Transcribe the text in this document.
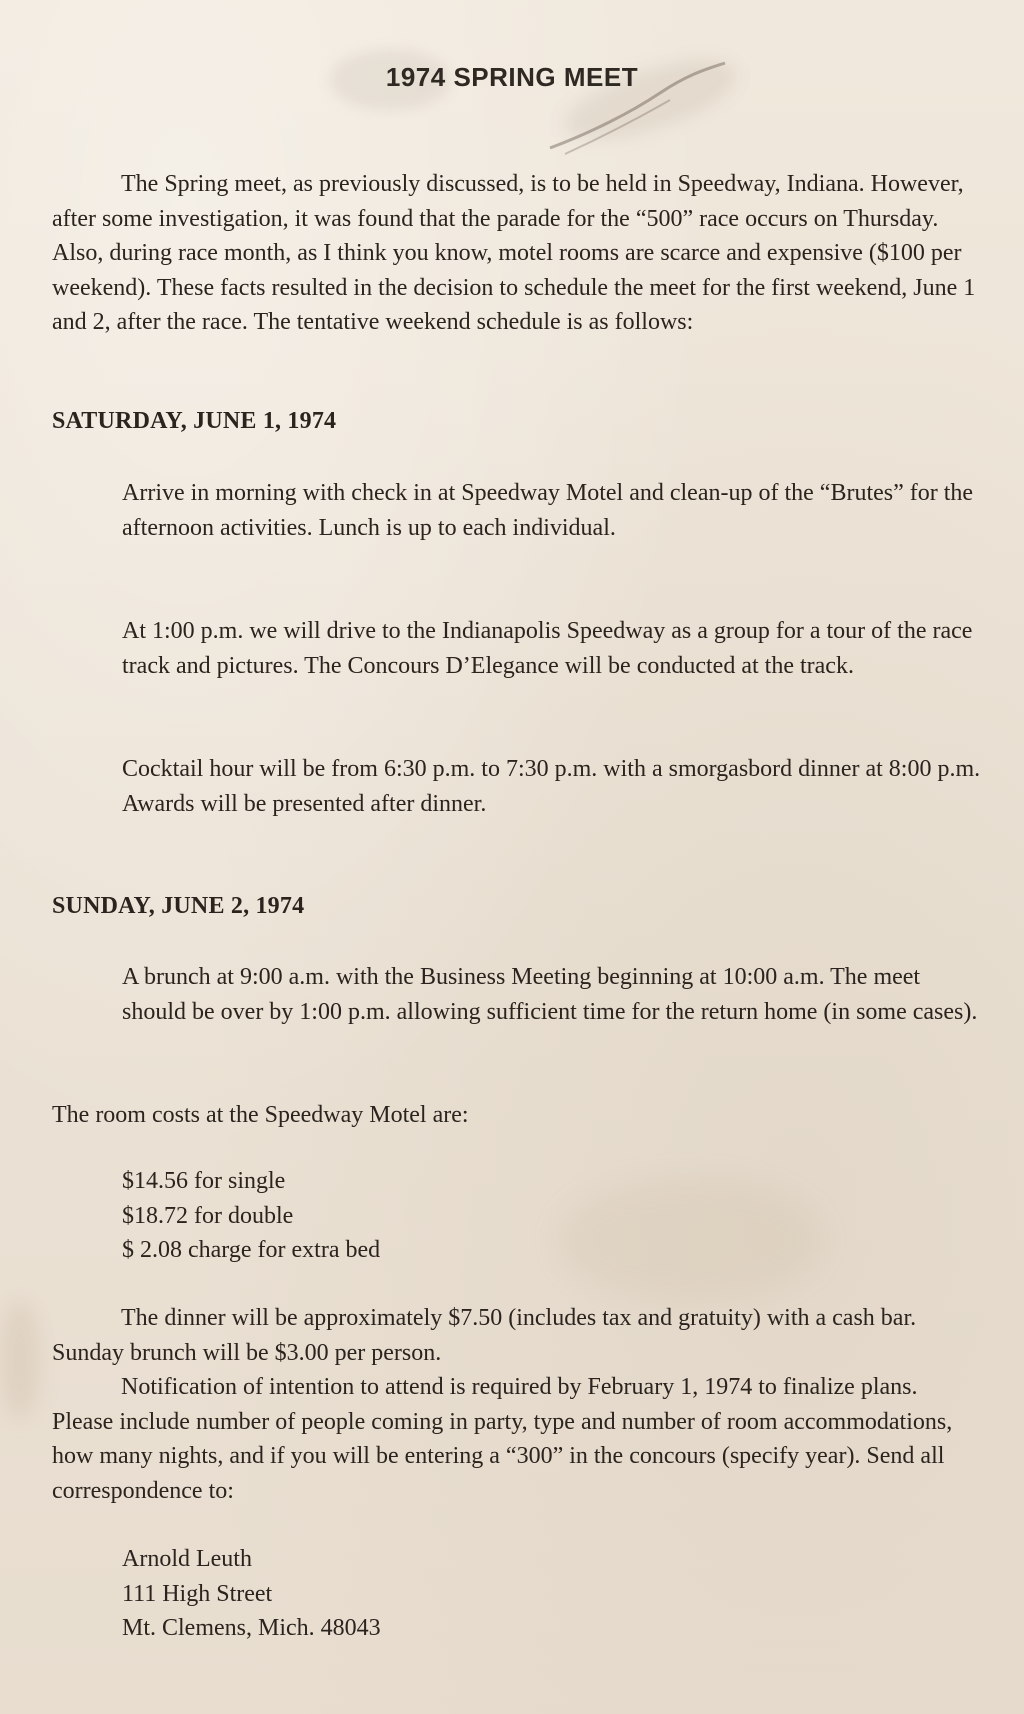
1974 SPRING MEET

The Spring meet, as previously discussed, is to be held in Speedway, Indiana. However, after some investigation, it was found that the parade for the “500” race occurs on Thursday. Also, during race month, as I think you know, motel rooms are scarce and expensive ($100 per weekend). These facts resulted in the decision to schedule the meet for the first weekend, June 1 and 2, after the race. The tentative weekend schedule is as follows:

SATURDAY, JUNE 1, 1974

Arrive in morning with check in at Speedway Motel and clean-up of the “Brutes” for the afternoon activities. Lunch is up to each individual.

At 1:00 p.m. we will drive to the Indianapolis Speedway as a group for a tour of the race track and pictures. The Concours D’Elegance will be conducted at the track.

Cocktail hour will be from 6:30 p.m. to 7:30 p.m. with a smorgasbord dinner at 8:00 p.m. Awards will be presented after dinner.

SUNDAY, JUNE 2, 1974

A brunch at 9:00 a.m. with the Business Meeting beginning at 10:00 a.m. The meet should be over by 1:00 p.m. allowing sufficient time for the return home (in some cases).

The room costs at the Speedway Motel are:

$14.56 for single
$18.72 for double
$ 2.08 charge for extra bed

The dinner will be approximately $7.50 (includes tax and gratuity) with a cash bar. Sunday brunch will be $3.00 per person.

Notification of intention to attend is required by February 1, 1974 to finalize plans. Please include number of people coming in party, type and number of room accommodations, how many nights, and if you will be entering a “300” in the concours (specify year). Send all correspondence to:

Arnold Leuth
111 High Street
Mt. Clemens, Mich. 48043
